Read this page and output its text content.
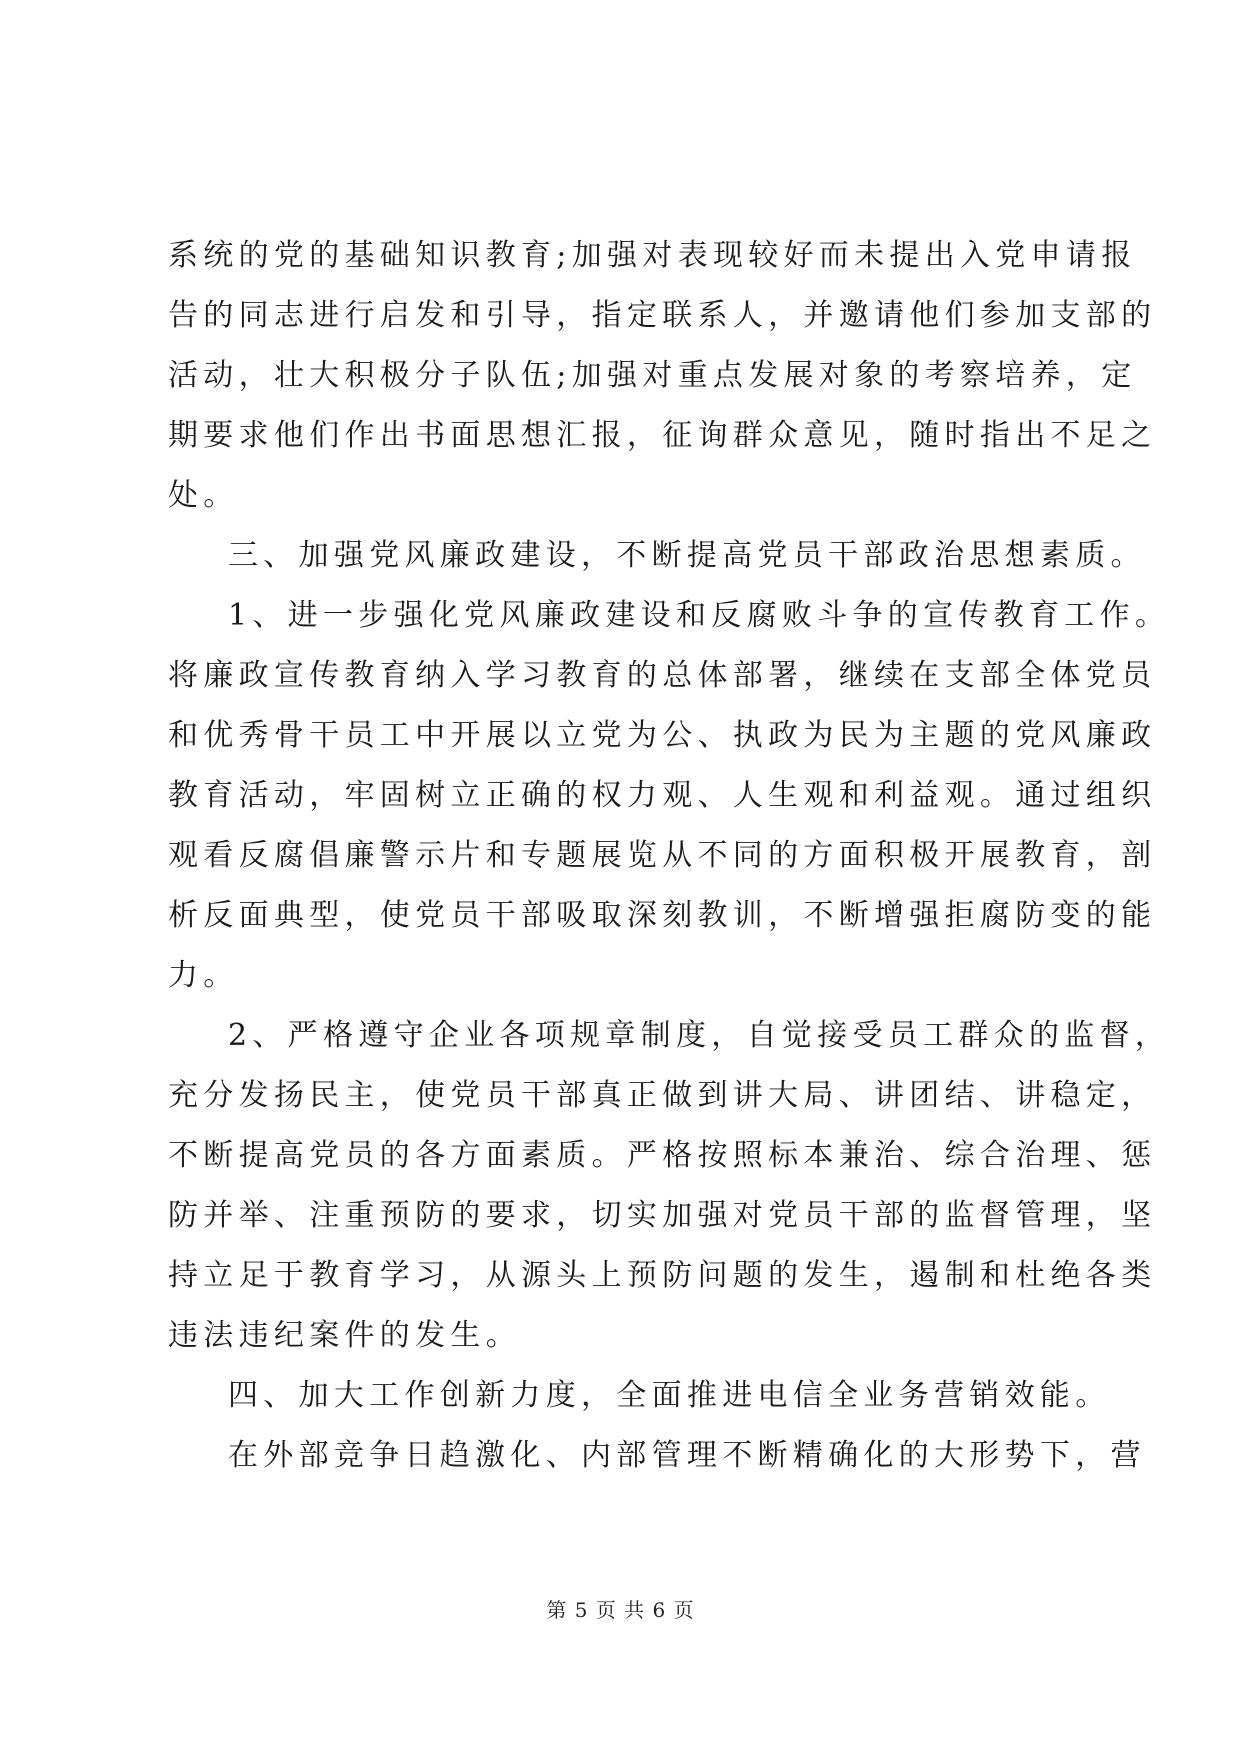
系统的党的基础知识教育;加强对表现较好而未提出入党申请报
告的同志进行启发和引导，指定联系人，并邀请他们参加支部的
活动，壮大积极分子队伍;加强对重点发展对象的考察培养，定
期要求他们作出书面思想汇报，征询群众意见，随时指出不足之
处。
三、加强党风廉政建设，不断提高党员干部政治思想素质。
1、进一步强化党风廉政建设和反腐败斗争的宣传教育工作。
将廉政宣传教育纳入学习教育的总体部署，继续在支部全体党员
和优秀骨干员工中开展以立党为公、执政为民为主题的党风廉政
教育活动，牢固树立正确的权力观、人生观和利益观。通过组织
观看反腐倡廉警示片和专题展览从不同的方面积极开展教育，剖
析反面典型，使党员干部吸取深刻教训，不断增强拒腐防变的能
力。
2、严格遵守企业各项规章制度，自觉接受员工群众的监督，
充分发扬民主，使党员干部真正做到讲大局、讲团结、讲稳定，
不断提高党员的各方面素质。严格按照标本兼治、综合治理、惩
防并举、注重预防的要求，切实加强对党员干部的监督管理，坚
持立足于教育学习，从源头上预防问题的发生，遏制和杜绝各类
违法违纪案件的发生。
四、加大工作创新力度，全面推进电信全业务营销效能。
在外部竞争日趋激化、内部管理不断精确化的大形势下，营
第 5 页 共 6 页
